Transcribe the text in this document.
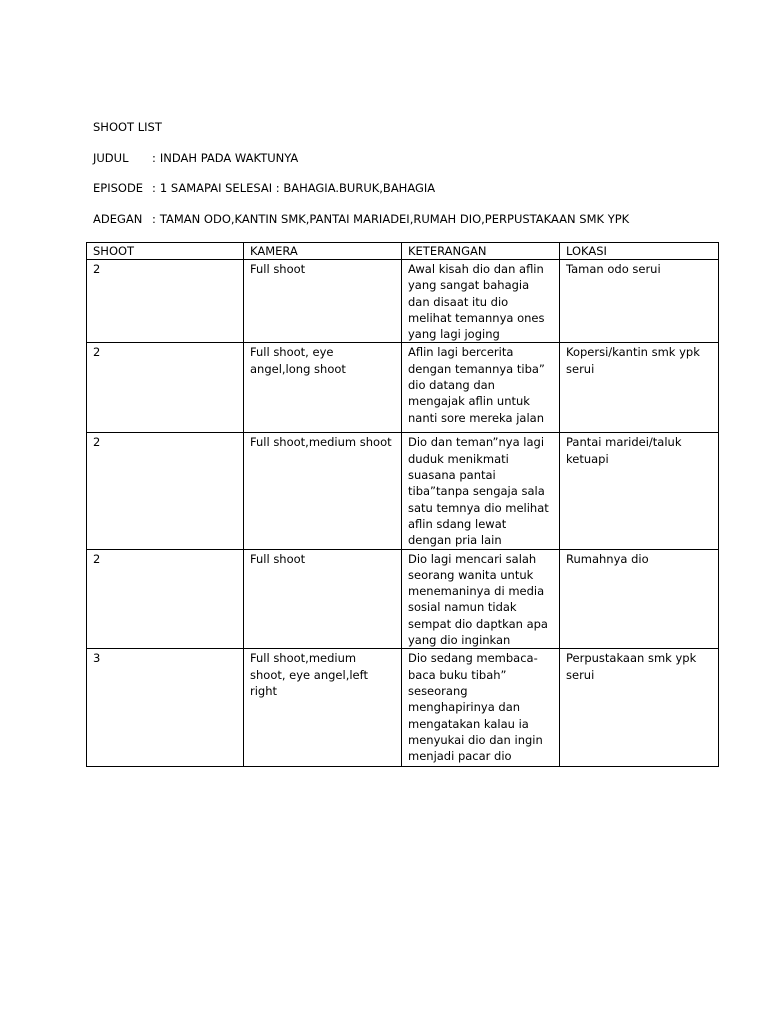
SHOOT LIST
JUDUL : INDAH PADA WAKTUNYA
EPISODE : 1 SAMAPAI SELESAI : BAHAGIA.BURUK,BAHAGIA
ADEGAN : TAMAN ODO,KANTIN SMK,PANTAI MARIADEI,RUMAH DIO,PERPUSTAKAAN SMK YPK
SHOOT	KAMERA	KETERANGAN	LOKASI

2	Full shoot	Awal kisah dio dan aflin yang sangat bahagia dan disaat itu dio melihat temannya ones yang lagi joging	Taman odo serui

2	Full shoot, eye angel,long shoot	Aflin lagi bercerita dengan temannya tiba” dio datang dan mengajak aflin untuk nanti sore mereka jalan	Kopersi/kantin smk ypk serui

2	Full shoot,medium shoot	Dio dan teman”nya lagi duduk menikmati suasana pantai tiba”tanpa sengaja sala satu temnya dio melihat aflin sdang lewat dengan pria lain	Pantai maridei/taluk ketuapi

2	Full shoot	Dio lagi mencari salah seorang wanita untuk menemaninya di media sosial namun tidak sempat dio daptkan apa yang dio inginkan	Rumahnya dio

3	Full shoot,medium shoot, eye angel,left right	Dio sedang membaca-baca buku tibah” seseorang menghapirinya dan mengatakan kalau ia menyukai dio dan ingin menjadi pacar dio	Perpustakaan smk ypk serui
